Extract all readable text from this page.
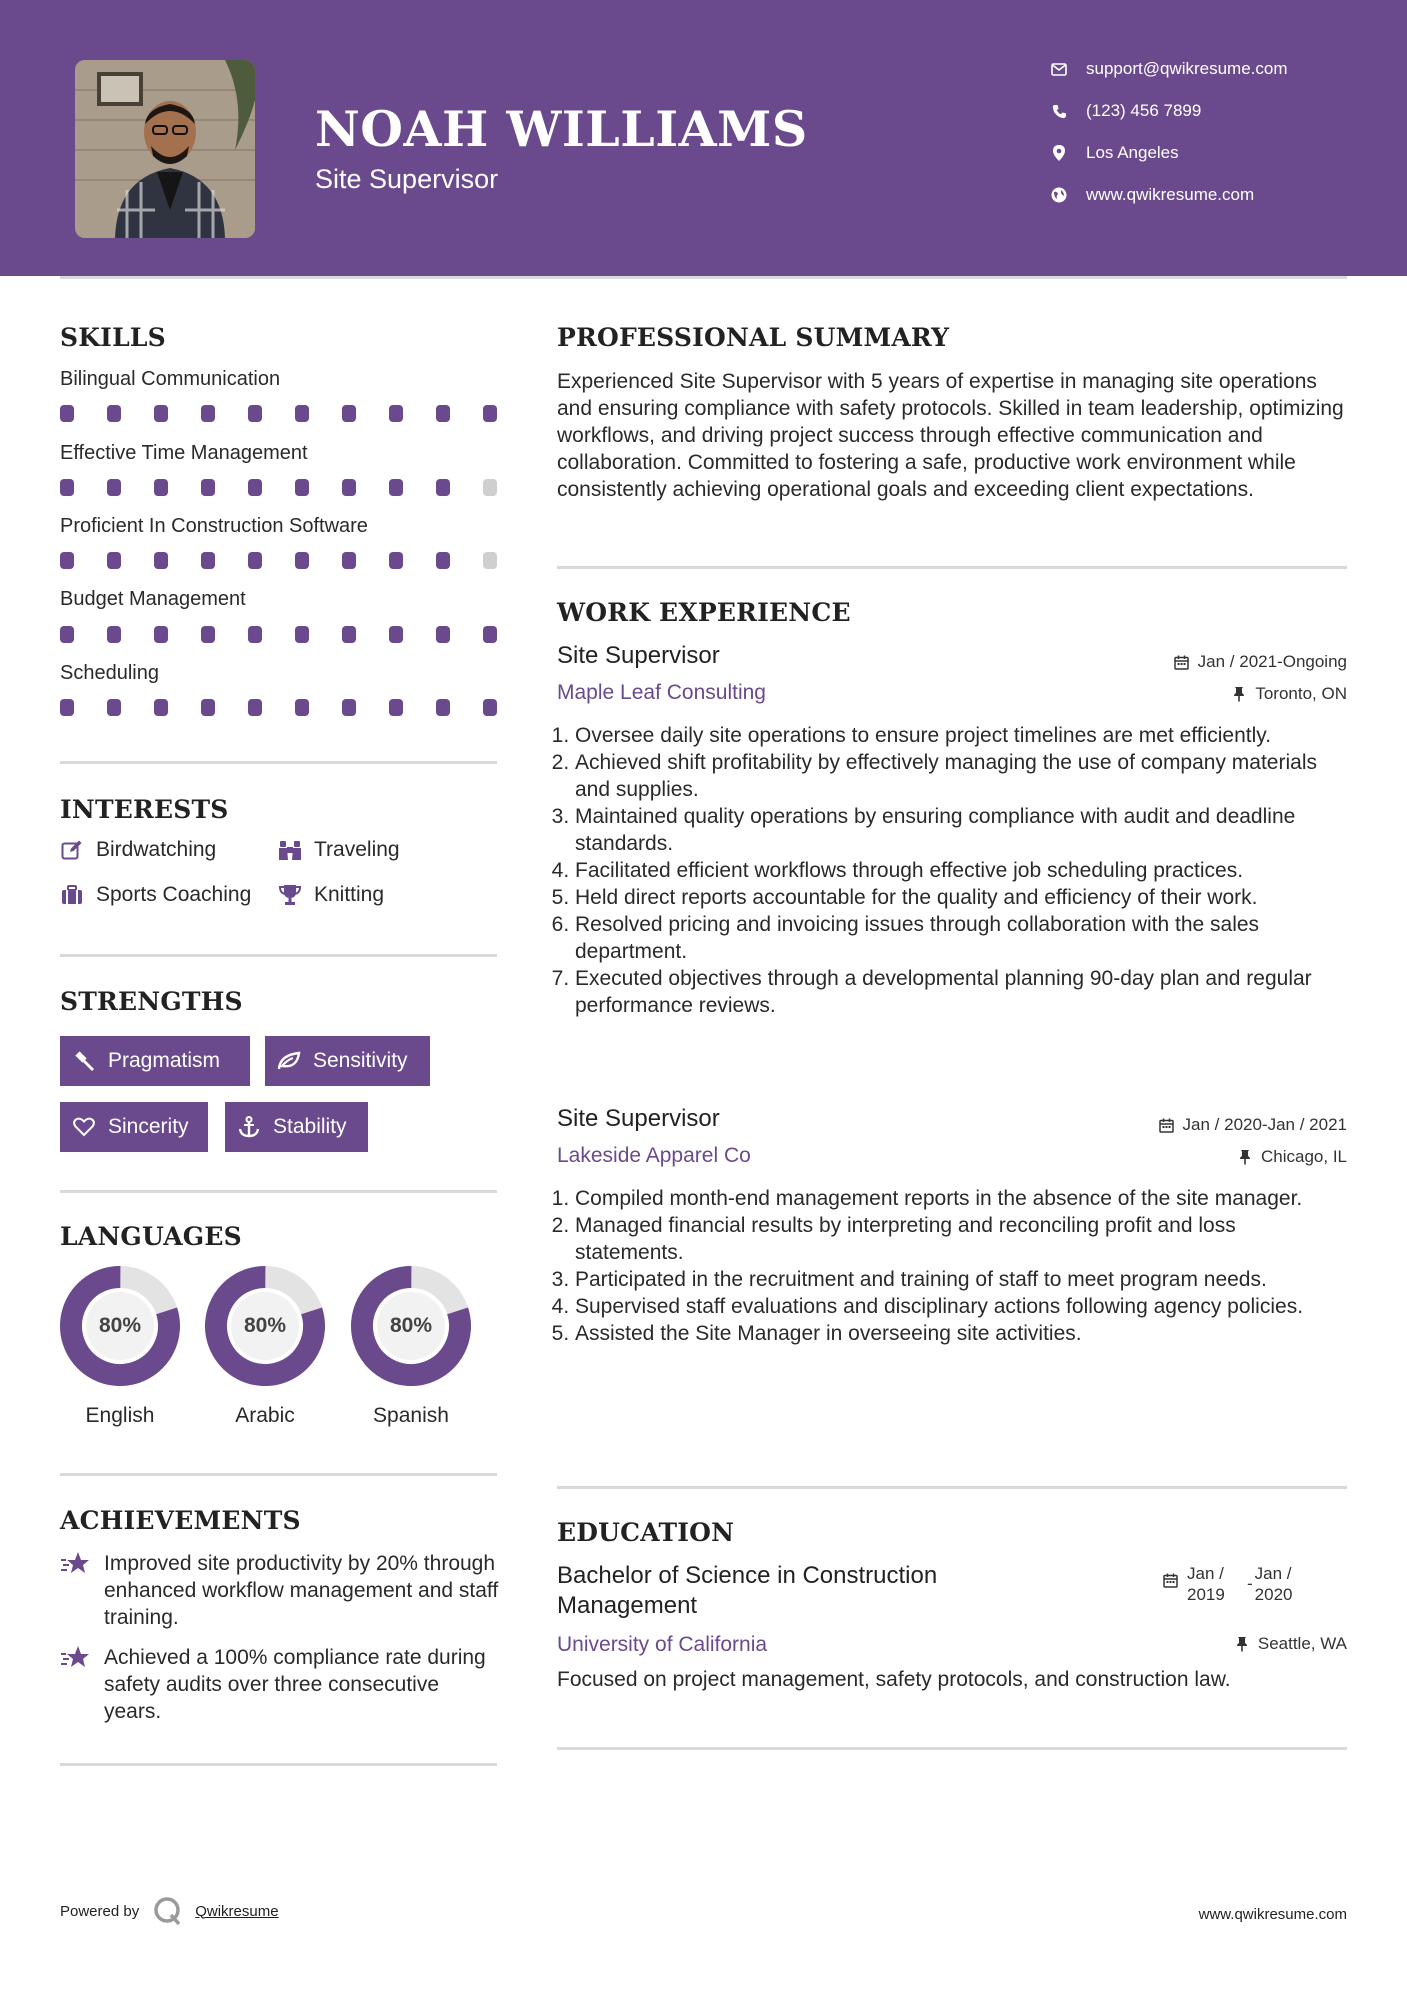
NOAH WILLIAMS
Site Supervisor
support@qwikresume.com
(123) 456 7899
Los Angeles
www.qwikresume.com
SKILLS
Bilingual Communication
Effective Time Management
Proficient In Construction Software
Budget Management
Scheduling
INTERESTS
Birdwatching	Traveling
Sports Coaching	Knitting
STRENGTHS
Pragmatism	Sensitivity
Sincerity	Stability
LANGUAGES
80%
English
80%
Arabic
80%
Spanish
ACHIEVEMENTS
Improved site productivity by 20% through enhanced workflow management and staff training.
Achieved a 100% compliance rate during safety audits over three consecutive years.
PROFESSIONAL SUMMARY
Experienced Site Supervisor with 5 years of expertise in managing site operations and ensuring compliance with safety protocols. Skilled in team leadership, optimizing workflows, and driving project success through effective communication and collaboration. Committed to fostering a safe, productive work environment while consistently achieving operational goals and exceeding client expectations.
WORK EXPERIENCE
Site Supervisor
Maple Leaf Consulting
Jan / 2021-Ongoing
Toronto, ON
1. Oversee daily site operations to ensure project timelines are met efficiently.
2. Achieved shift profitability by effectively managing the use of company materials and supplies.
3. Maintained quality operations by ensuring compliance with audit and deadline standards.
4. Facilitated efficient workflows through effective job scheduling practices.
5. Held direct reports accountable for the quality and efficiency of their work.
6. Resolved pricing and invoicing issues through collaboration with the sales department.
7. Executed objectives through a developmental planning 90-day plan and regular performance reviews.
Site Supervisor
Lakeside Apparel Co
Jan / 2020-Jan / 2021
Chicago, IL
1. Compiled month-end management reports in the absence of the site manager.
2. Managed financial results by interpreting and reconciling profit and loss statements.
3. Participated in the recruitment and training of staff to meet program needs.
4. Supervised staff evaluations and disciplinary actions following agency policies.
5. Assisted the Site Manager in overseeing site activities.
EDUCATION
Bachelor of Science in Construction
Management
University of California
Jan /
2019
-
Jan /
2020
Seattle, WA
Focused on project management, safety protocols, and construction law.
Powered by	Qwikresume	www.qwikresume.com
